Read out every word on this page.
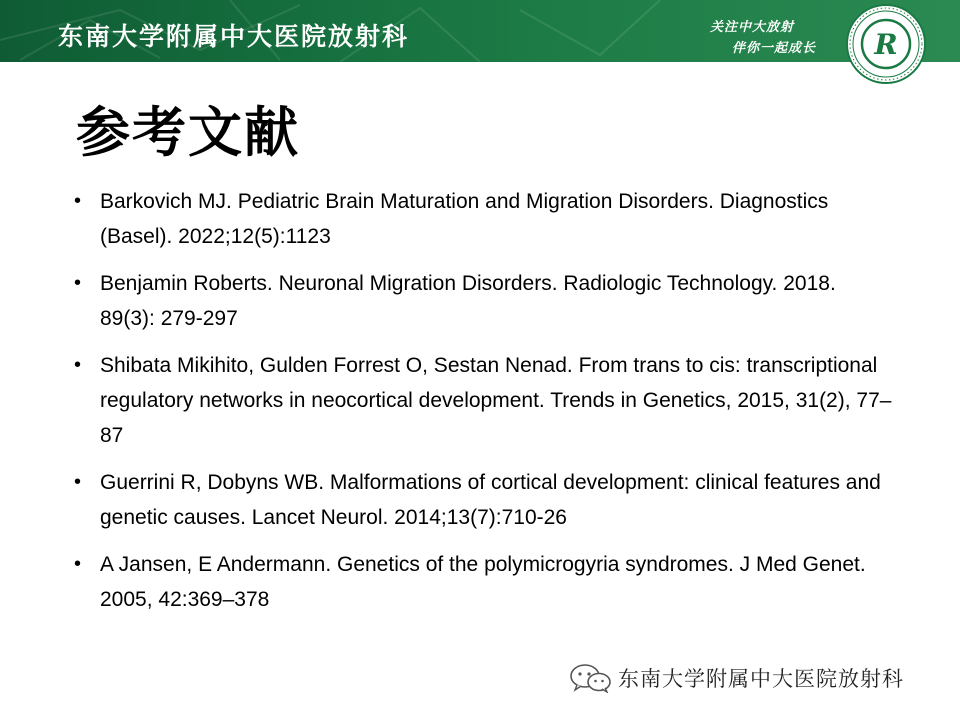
东南大学附属中大医院放射科	关注中大放射
伴你一起成长 R
参考文献
• Barkovich MJ. Pediatric Brain Maturation and Migration Disorders. Diagnostics (Basel). 2022;12(5):1123
• Benjamin Roberts. Neuronal Migration Disorders. Radiologic Technology. 2018. 89(3): 279-297
• Shibata Mikihito, Gulden Forrest O, Sestan Nenad. From trans to cis: transcriptional regulatory networks in neocortical development. Trends in Genetics, 2015, 31(2), 77–87
• Guerrini R, Dobyns WB. Malformations of cortical development: clinical features and genetic causes. Lancet Neurol. 2014;13(7):710-26
• A Jansen, E Andermann. Genetics of the polymicrogyria syndromes. J Med Genet. 2005, 42:369–378
东南大学附属中大医院放射科
